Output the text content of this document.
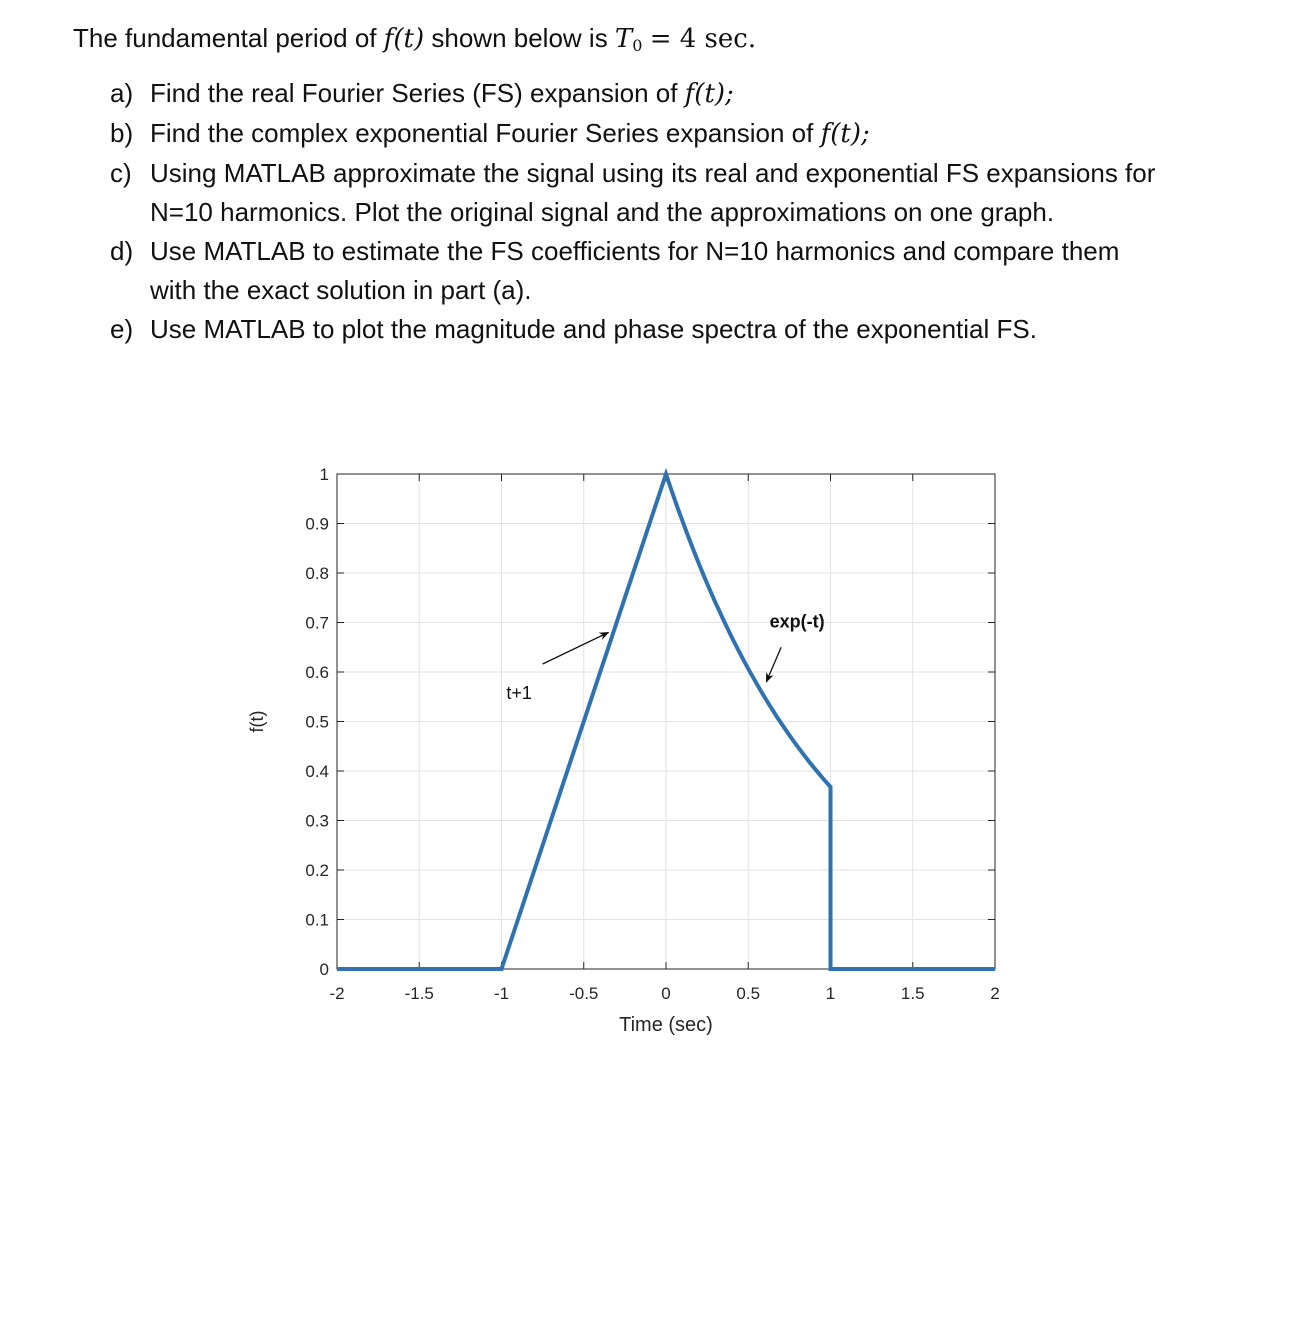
The fundamental period of f(t) shown below is $T_0 = 4$ sec.
a) Find the real Fourier Series (FS) expansion of f(t);
b) Find the complex exponential Fourier Series expansion of f(t);
c) Using MATLAB approximate the signal using its real and exponential FS expansions for
N=10 harmonics. Plot the original signal and the approximations on one graph.
d) Use MATLAB to estimate the FS coefficients for N=10 harmonics and compare them
with the exact solution in part (a).
e) Use MATLAB to plot the magnitude and phase spectra of the exponential FS.
-2	-1.5	-1	-0.5	0	0.5	1	1.5	2
0
0.1
0.2
0.3
0.4
0.5
0.6
0.7
0.8
0.9
1
Time (sec)
f(t)
t+1
exp(-t)
